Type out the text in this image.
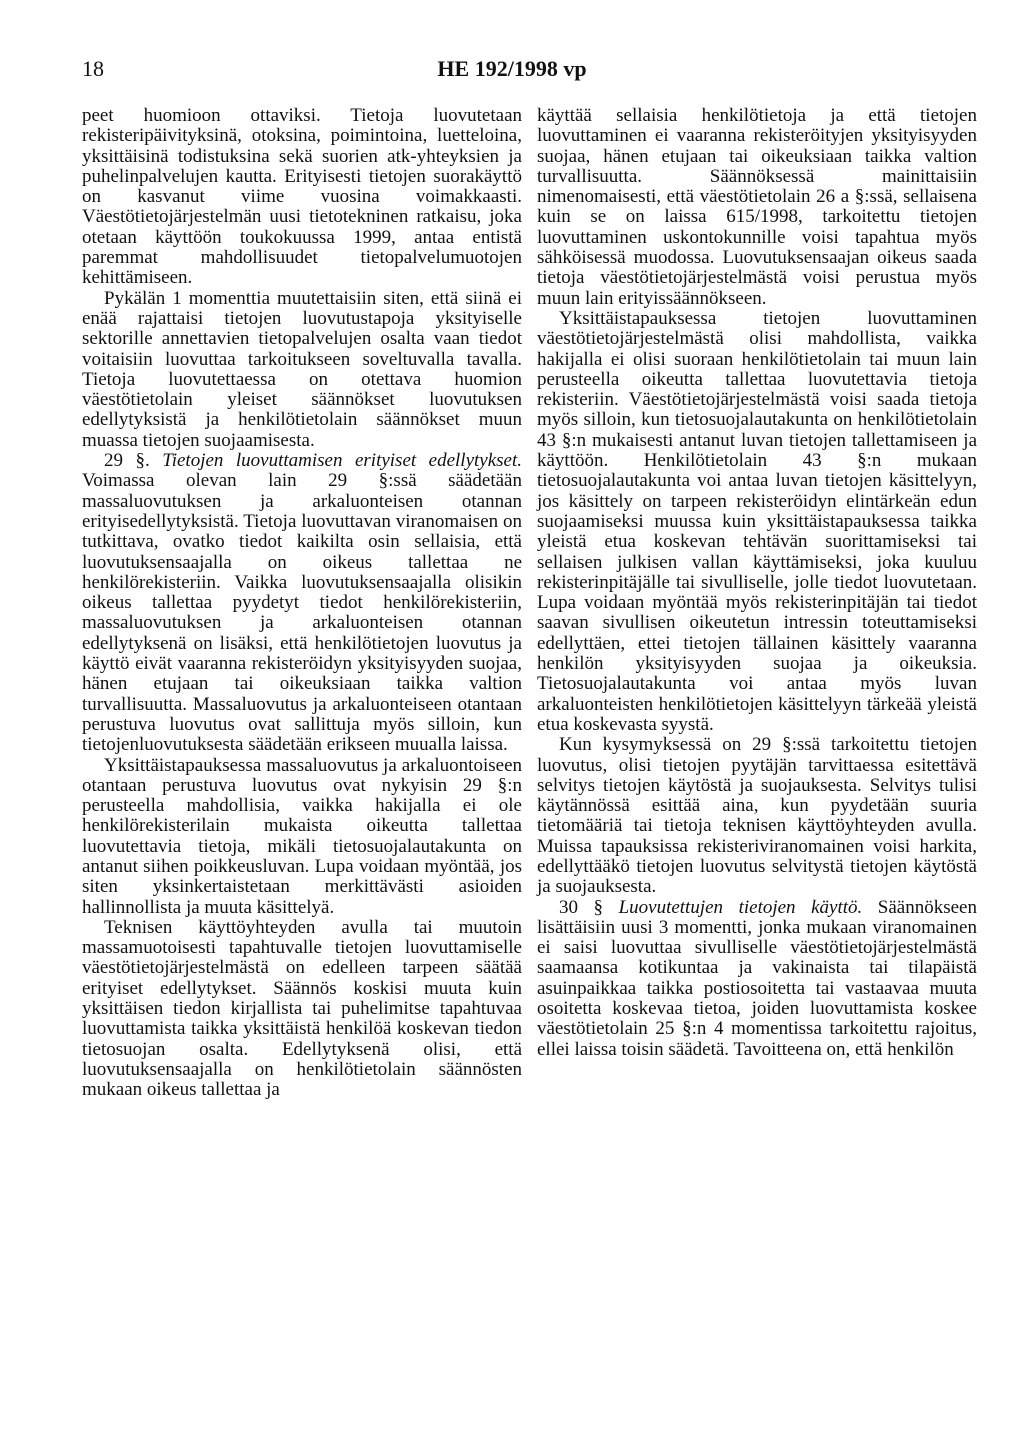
18	HE 192/1998 vp

peet huomioon ottaviksi. Tietoja luovutetaan rekisteripäivityksinä, otoksina, poimintoina, luetteloina, yksittäisinä todistuksina sekä suorien atk-yhteyksien ja puhelinpalvelujen kautta. Erityisesti tietojen suorakäyttö on kasvanut viime vuosina voimakkaasti. Väestötietojärjestelmän uusi tietotekninen ratkaisu, joka otetaan käyttöön toukokuussa 1999, antaa entistä paremmat mahdollisuudet tietopalvelumuotojen kehittämiseen.

Pykälän 1 momenttia muutettaisiin siten, että siinä ei enää rajattaisi tietojen luovutustapoja yksityiselle sektorille annettavien tietopalvelujen osalta vaan tiedot voitaisiin luovuttaa tarkoitukseen soveltuvalla tavalla. Tietoja luovutettaessa on otettava huomion väestötietolain yleiset säännökset luovutuksen edellytyksistä ja henkilötietolain säännökset muun muassa tietojen suojaamisesta.

29 §. Tietojen luovuttamisen erityiset edellytykset. Voimassa olevan lain 29 §:ssä säädetään massaluovutuksen ja arkaluonteisen otannan erityisedellytyksistä. Tietoja luovuttavan viranomaisen on tutkittava, ovatko tiedot kaikilta osin sellaisia, että luovutuksensaajalla on oikeus tallettaa ne henkilörekisteriin. Vaikka luovutuksensaajalla olisikin oikeus tallettaa pyydetyt tiedot henkilörekisteriin, massaluovutuksen ja arkaluonteisen otannan edellytyksenä on lisäksi, että henkilötietojen luovutus ja käyttö eivät vaaranna rekisteröidyn yksityisyyden suojaa, hänen etujaan tai oikeuksiaan taikka valtion turvallisuutta. Massaluovutus ja arkaluonteiseen otantaan perustuva luovutus ovat sallittuja myös silloin, kun tietojenluovutuksesta säädetään erikseen muualla laissa.

Yksittäistapauksessa massaluovutus ja arkaluontoiseen otantaan perustuva luovutus ovat nykyisin 29 §:n perusteella mahdollisia, vaikka hakijalla ei ole henkilörekisterilain mukaista oikeutta tallettaa luovutettavia tietoja, mikäli tietosuojalautakunta on antanut siihen poikkeusluvan. Lupa voidaan myöntää, jos siten yksinkertaistetaan merkittävästi asioiden hallinnollista ja muuta käsittelyä.

Teknisen käyttöyhteyden avulla tai muutoin massamuotoisesti tapahtuvalle tietojen luovuttamiselle väestötietojärjestelmästä on edelleen tarpeen säätää erityiset edellytykset. Säännös koskisi muuta kuin yksittäisen tiedon kirjallista tai puhelimitse tapahtuvaa luovuttamista taikka yksittäistä henkilöä koskevan tiedon tietosuojan osalta. Edellytyksenä olisi, että luovutuksensaajalla on henkilötietolain säännösten mukaan oikeus tallettaa ja

käyttää sellaisia henkilötietoja ja että tietojen luovuttaminen ei vaaranna rekisteröityjen yksityisyyden suojaa, hänen etujaan tai oikeuksiaan taikka valtion turvallisuutta. Säännöksessä mainittaisiin nimenomaisesti, että väestötietolain 26 a §:ssä, sellaisena kuin se on laissa 615/1998, tarkoitettu tietojen luovuttaminen uskontokunnille voisi tapahtua myös sähköisessä muodossa. Luovutuksensaajan oikeus saada tietoja väestötietojärjestelmästä voisi perustua myös muun lain erityissäännökseen.

Yksittäistapauksessa tietojen luovuttaminen väestötietojärjestelmästä olisi mahdollista, vaikka hakijalla ei olisi suoraan henkilötietolain tai muun lain perusteella oikeutta tallettaa luovutettavia tietoja rekisteriin. Väestötietojärjestelmästä voisi saada tietoja myös silloin, kun tietosuojalautakunta on henkilötietolain 43 §:n mukaisesti antanut luvan tietojen tallettamiseen ja käyttöön. Henkilötietolain 43 §:n mukaan tietosuojalautakunta voi antaa luvan tietojen käsittelyyn, jos käsittely on tarpeen rekisteröidyn elintärkeän edun suojaamiseksi muussa kuin yksittäistapauksessa taikka yleistä etua koskevan tehtävän suorittamiseksi tai sellaisen julkisen vallan käyttämiseksi, joka kuuluu rekisterinpitäjälle tai sivulliselle, jolle tiedot luovutetaan. Lupa voidaan myöntää myös rekisterinpitäjän tai tiedot saavan sivullisen oikeutetun intressin toteuttamiseksi edellyttäen, ettei tietojen tällainen käsittely vaaranna henkilön yksityisyyden suojaa ja oikeuksia. Tietosuojalautakunta voi antaa myös luvan arkaluonteisten henkilötietojen käsittelyyn tärkeää yleistä etua koskevasta syystä.

Kun kysymyksessä on 29 §:ssä tarkoitettu tietojen luovutus, olisi tietojen pyytäjän tarvittaessa esitettävä selvitys tietojen käytöstä ja suojauksesta. Selvitys tulisi käytännössä esittää aina, kun pyydetään suuria tietomääriä tai tietoja teknisen käyttöyhteyden avulla. Muissa tapauksissa rekisteriviranomainen voisi harkita, edellyttääkö tietojen luovutus selvitystä tietojen käytöstä ja suojauksesta.

30 § Luovutettujen tietojen käyttö. Säännökseen lisättäisiin uusi 3 momentti, jonka mukaan viranomainen ei saisi luovuttaa sivulliselle väestötietojärjestelmästä saamaansa kotikuntaa ja vakinaista tai tilapäistä asuinpaikkaa taikka postiosoitetta tai vastaavaa muuta osoitetta koskevaa tietoa, joiden luovuttamista koskee väestötietolain 25 §:n 4 momentissa tarkoitettu rajoitus, ellei laissa toisin säädetä. Tavoitteena on, että henkilön
